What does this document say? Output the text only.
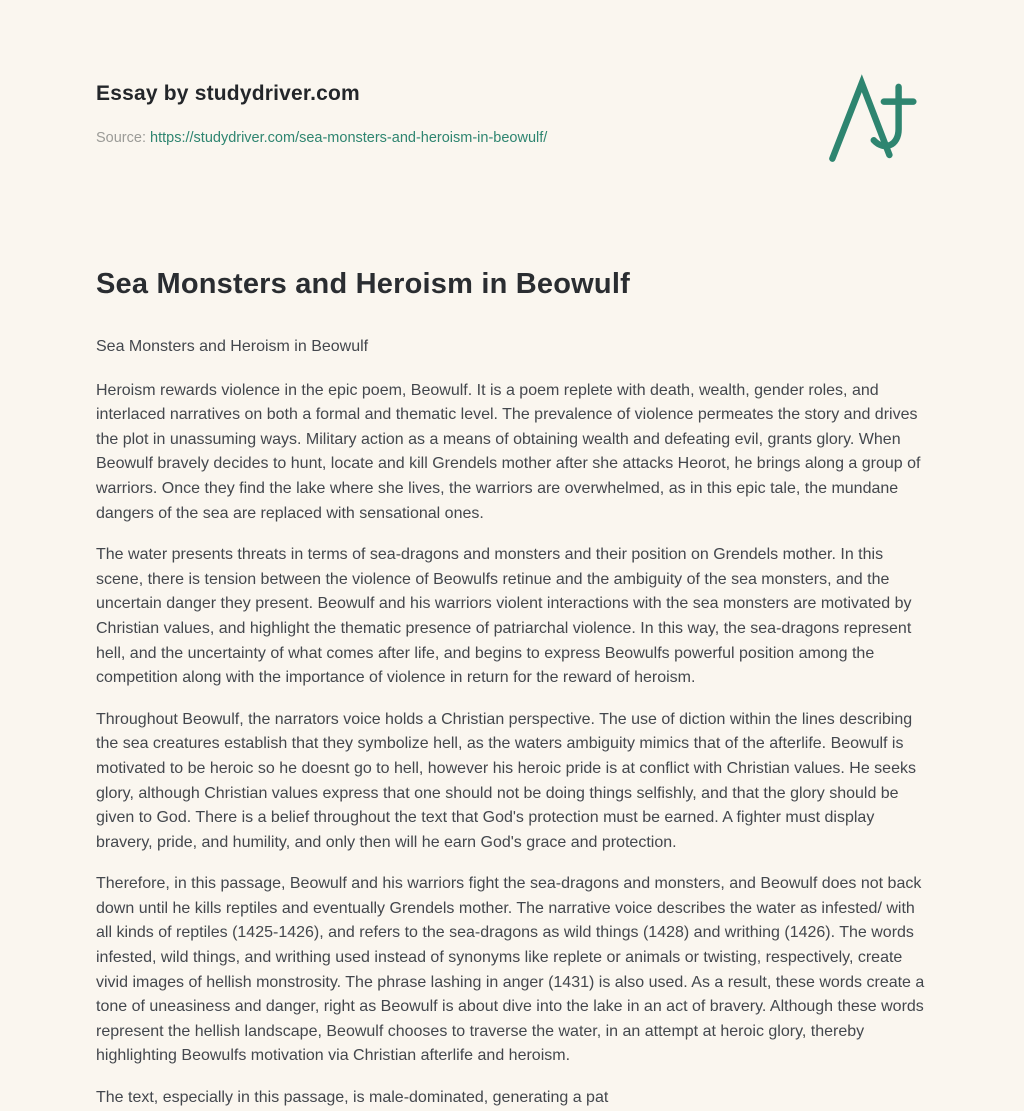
Essay by studydriver.com
Source: https://studydriver.com/sea-monsters-and-heroism-in-beowulf/
Sea Monsters and Heroism in Beowulf

Sea Monsters and Heroism in Beowulf

Heroism rewards violence in the epic poem, Beowulf. It is a poem replete with death, wealth, gender roles, and interlaced narratives on both a formal and thematic level. The prevalence of violence permeates the story and drives the plot in unassuming ways. Military action as a means of obtaining wealth and defeating evil, grants glory. When Beowulf bravely decides to hunt, locate and kill Grendels mother after she attacks Heorot, he brings along a group of warriors. Once they find the lake where she lives, the warriors are overwhelmed, as in this epic tale, the mundane dangers of the sea are replaced with sensational ones.

The water presents threats in terms of sea-dragons and monsters and their position on Grendels mother. In this scene, there is tension between the violence of Beowulfs retinue and the ambiguity of the sea monsters, and the uncertain danger they present. Beowulf and his warriors violent interactions with the sea monsters are motivated by Christian values, and highlight the thematic presence of patriarchal violence. In this way, the sea-dragons represent hell, and the uncertainty of what comes after life, and begins to express Beowulfs powerful position among the competition along with the importance of violence in return for the reward of heroism.

Throughout Beowulf, the narrators voice holds a Christian perspective. The use of diction within the lines describing the sea creatures establish that they symbolize hell, as the waters ambiguity mimics that of the afterlife. Beowulf is motivated to be heroic so he doesnt go to hell, however his heroic pride is at conflict with Christian values. He seeks glory, although Christian values express that one should not be doing things selfishly, and that the glory should be given to God. There is a belief throughout the text that God's protection must be earned. A fighter must display bravery, pride, and humility, and only then will he earn God's grace and protection.

Therefore, in this passage, Beowulf and his warriors fight the sea-dragons and monsters, and Beowulf does not back down until he kills reptiles and eventually Grendels mother. The narrative voice describes the water as infested/ with all kinds of reptiles (1425-1426), and refers to the sea-dragons as wild things (1428) and writhing (1426). The words infested, wild things, and writhing used instead of synonyms like replete or animals or twisting, respectively, create vivid images of hellish monstrosity. The phrase lashing in anger (1431) is also used. As a result, these words create a tone of uneasiness and danger, right as Beowulf is about dive into the lake in an act of bravery. Although these words represent the hellish landscape, Beowulf chooses to traverse the water, in an attempt at heroic glory, thereby highlighting Beowulfs motivation via Christian afterlife and heroism.

The text, especially in this passage, is male-dominated, generating a pat
